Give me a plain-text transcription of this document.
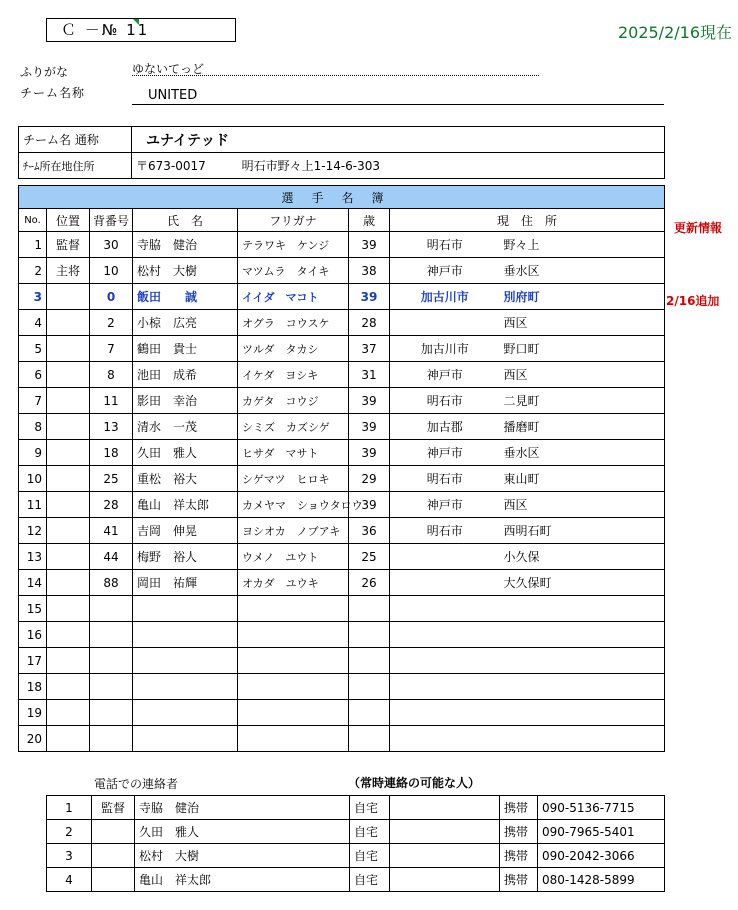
Ｃ －№ 11	2025/2/16現在
ふりがな	ゆないてっど
チーム名称	UNITED
チーム名 通称	ユナイテッド
ﾁｰﾑ所在地住所	〒673-0017 明石市野々上1-14-6-303
選手名簿							
No.	位置	背番号	氏　名	フリガナ	歳	現　住　所	
1	監督	30	寺脇　健治	テラワキ　ケンジ	39	明石市	野々上
2	主将	10	松村　大樹	マツムラ　タイキ	38	神戸市	垂水区
3		0	飯田　　誠	イイダ　マコト	39	加古川市	別府町
4		2	小椋　広亮	オグラ　コウスケ	28		西区
5		7	鶴田　貴士	ツルダ　タカシ	37	加古川市	野口町
6		8	池田　成希	イケダ　ヨシキ	31	神戸市	西区
7		11	影田　幸治	カゲタ　コウジ	39	明石市	二見町
8		13	清水　一茂	シミズ　カズシゲ	39	加古郡	播磨町
9		18	久田　雅人	ヒサダ　マサト	39	神戸市	垂水区
10		25	重松　裕大	シゲマツ　ヒロキ	29	明石市	東山町
11		28	亀山　祥太郎	カメヤマ　ショウタロウ	39	神戸市	西区
12		41	吉岡　伸晃	ヨシオカ　ノブアキ	36	明石市	西明石町
13		44	梅野　裕人	ウメノ　ユウト	25		小久保
14		88	岡田　祐輝	オカダ　ユウキ	26		大久保町
15							
16							
17							
18							
19							
20							
更新情報
2/16追加
電話での連絡者	（常時連絡の可能な人）
1	監督	寺脇　健治	自宅		携帯	090-5136-7715
2		久田　雅人	自宅		携帯	090-7965-5401
3		松村　大樹	自宅		携帯	090-2042-3066
4		亀山　祥太郎	自宅		携帯	080-1428-5899
